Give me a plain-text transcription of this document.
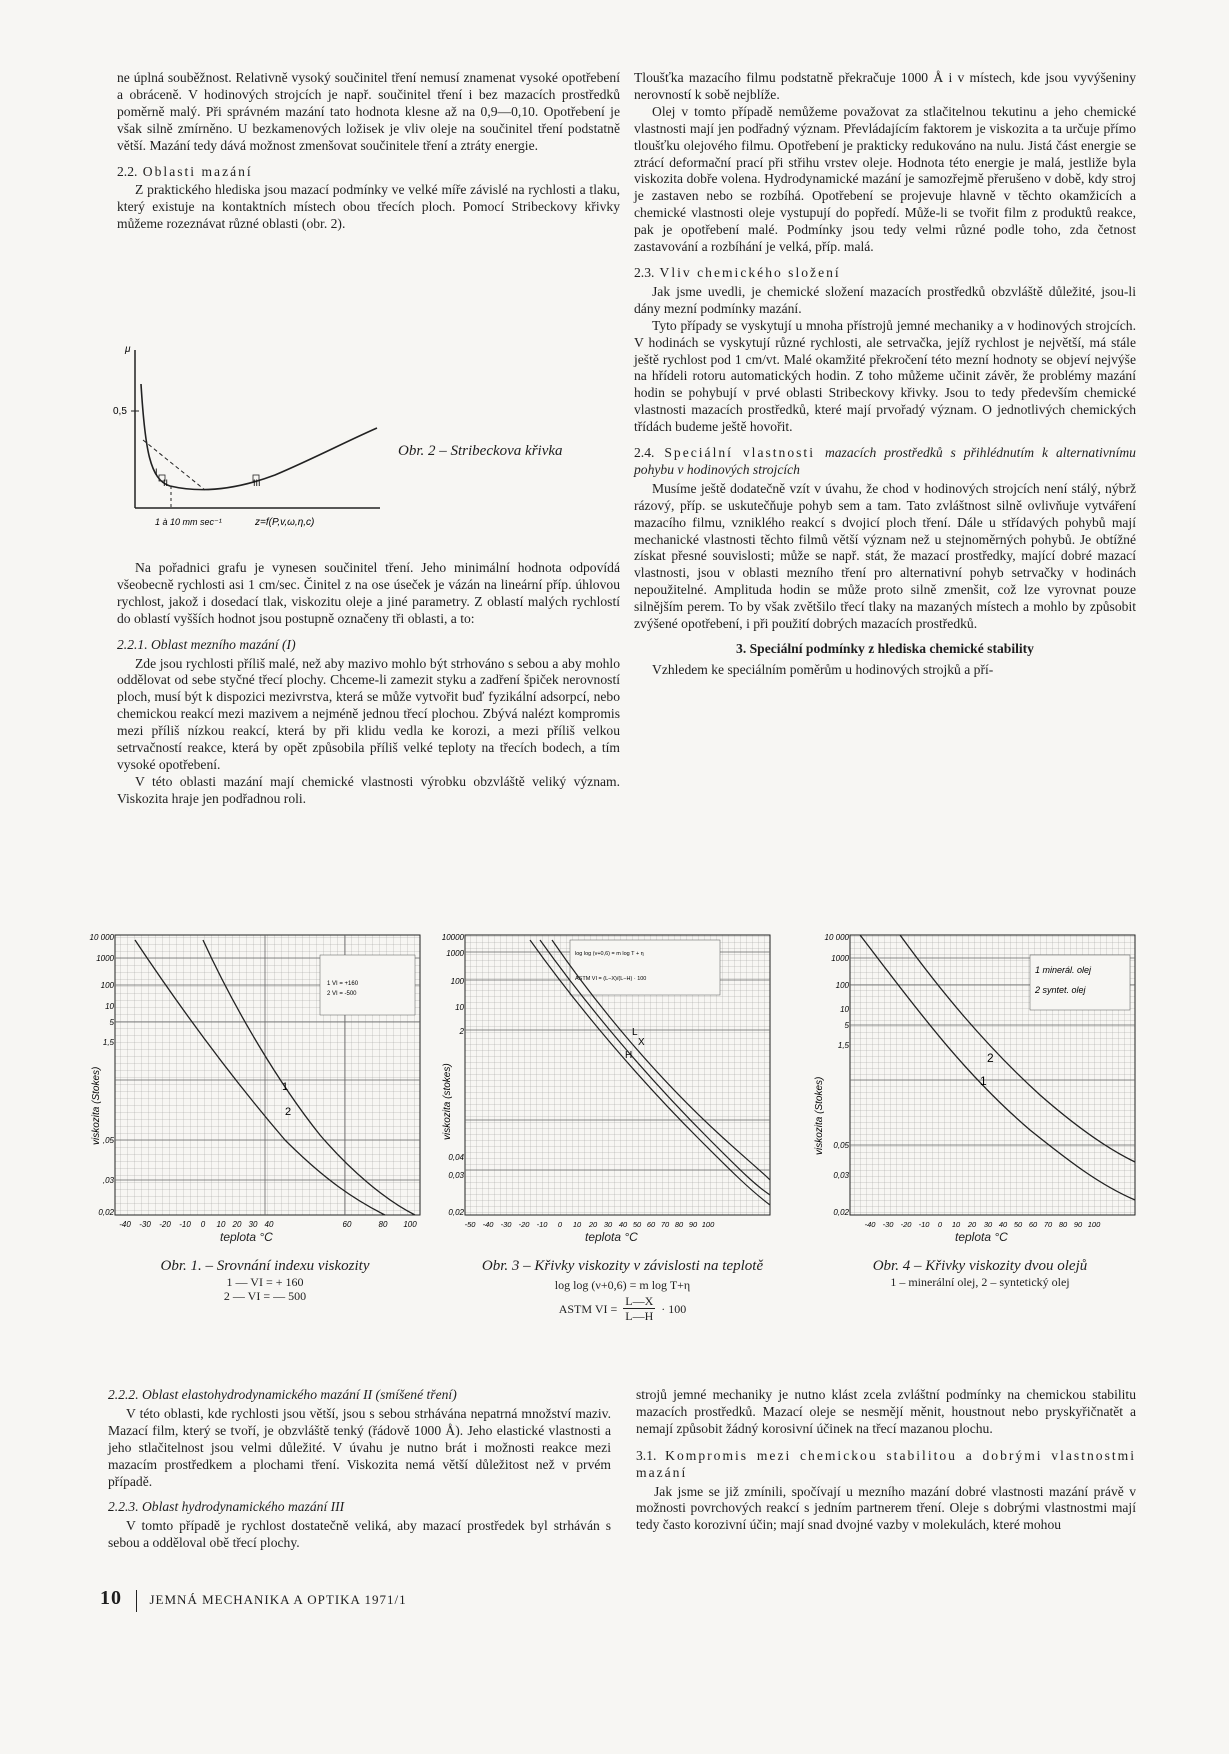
ne úplná souběžnost. Relativně vysoký součinitel tření nemusí znamenat vysoké opotřebení a obráceně. V hodinových strojcích je např. součinitel tření i bez mazacích prostředků poměrně malý. Při správném mazání tato hodnota klesne až na 0,9—0,10. Opotřebení je však silně zmírněno. U bezkamenových ložisek je vliv oleje na součinitel tření podstatně větší. Mazání tedy dává možnost zmenšovat součinitele tření a ztráty energie.

2.2. Oblasti mazání

Z praktického hlediska jsou mazací podmínky ve velké míře závislé na rychlosti a tlaku, který existuje na kontaktních místech obou třecích ploch. Pomocí Stribeckovy křivky můžeme rozeznávat různé oblasti (obr. 2).

μ
0,5
I
II	III
1 à 10 mm sec⁻¹	z=f(P,v,ω,η,c)
Obr. 2 – Stribeckova křivka

Na pořadnici grafu je vynesen součinitel tření. Jeho minimální hodnota odpovídá všeobecně rychlosti asi 1 cm/sec. Činitel z na ose úseček je vázán na lineární příp. úhlovou rychlost, jakož i dosedací tlak, viskozitu oleje a jiné parametry. Z oblastí malých rychlostí do oblastí vyšších hodnot jsou postupně označeny tři oblasti, a to:

2.2.1. Oblast mezního mazání (I)

Zde jsou rychlosti příliš malé, než aby mazivo mohlo být strhováno s sebou a aby mohlo oddělovat od sebe styčné třecí plochy. Chceme-li zamezit styku a zadření špiček nerovností ploch, musí být k dispozici mezivrstva, která se může vytvořit buď fyzikální adsorpcí, nebo chemickou reakcí mezi mazivem a nejméně jednou třecí plochou. Zbývá nalézt kompromis mezi příliš nízkou reakcí, která by při klidu vedla ke korozi, a mezi příliš velkou setrvačností reakce, která by opět způsobila příliš velké teploty na třecích bodech, a tím vysoké opotřebení.

V této oblasti mazání mají chemické vlastnosti výrobku obzvláště veliký význam. Viskozita hraje jen podřadnou roli.

Tloušťka mazacího filmu podstatně překračuje 1000 Å i v místech, kde jsou vyvýšeniny nerovností k sobě nejblíže.

Olej v tomto případě nemůžeme považovat za stlačitelnou tekutinu a jeho chemické vlastnosti mají jen podřadný význam. Převládajícím faktorem je viskozita a ta určuje přímo tloušťku olejového filmu. Opotřebení je prakticky redukováno na nulu. Jistá část energie se ztrácí deformační prací při střihu vrstev oleje. Hodnota této energie je malá, jestliže byla viskozita dobře volena. Hydrodynamické mazání je samozřejmě přerušeno v době, kdy stroj je zastaven nebo se rozbíhá. Opotřebení se projevuje hlavně v těchto okamžicích a chemické vlastnosti oleje vystupují do popředí. Může-li se tvořit film z produktů reakce, pak je opotřebení malé. Podmínky jsou tedy velmi různé podle toho, zda četnost zastavování a rozbíhání je velká, příp. malá.

2.3. Vliv chemického složení

Jak jsme uvedli, je chemické složení mazacích prostředků obzvláště důležité, jsou-li dány mezní podmínky mazání.

Tyto případy se vyskytují u mnoha přístrojů jemné mechaniky a v hodinových strojcích. V hodinách se vyskytují různé rychlosti, ale setrvačka, jejíž rychlost je největší, má stále ještě rychlost pod 1 cm/vt. Malé okamžité překročení této mezní hodnoty se objeví nejvýše na hřídeli rotoru automatických hodin. Z toho můžeme učinit závěr, že problémy mazání hodin se pohybují v prvé oblasti Stribeckovy křivky. Jsou to tedy především chemické vlastnosti mazacích prostředků, které mají prvořadý význam. O jednotlivých chemických třídách budeme ještě hovořit.

2.4. Speciální vlastnosti mazacích prostředků s přihlédnutím k alternativnímu pohybu v hodinových strojcích

Musíme ještě dodatečně vzít v úvahu, že chod v hodinových strojcích není stálý, nýbrž rázový, příp. se uskutečňuje pohyb sem a tam. Tato zvláštnost silně ovlivňuje vytváření mazacího filmu, vzniklého reakcí s dvojicí ploch tření. Dále u střídavých pohybů mají mechanické vlastnosti těchto filmů větší význam než u stejnoměrných pohybů. Je obtížné získat přesné souvislosti; může se např. stát, že mazací prostředky, mající dobré mazací vlastnosti, jsou v oblasti mezního tření pro alternativní pohyb setrvačky v hodinách nepoužitelné. Amplituda hodin se může proto silně zmenšit, což lze vyrovnat pouze silnějším perem. To by však zvětšilo třecí tlaky na mazaných místech a mohlo by způsobit zvýšené opotřebení, i při použití dobrých mazacích prostředků.

3. Speciální podmínky z hlediska chemické stability

Vzhledem ke speciálním poměrům u hodinových strojků a pří-

1 VI = +160
2 VI = -500
1
2
viskozita (Stokes)
10 000
1000
100
10
5
1,5
,05
,03
0,02
-40 -30 -20 -10 0 10 20 30 40	60	80 100
teplota °C
Obr. 1. – Srovnání indexu viskozity
1 — VI = + 160
2 — VI = — 500
log log (v+0,6) = m log T + η
ASTM VI = (L−X)/(L−H) · 100
L
X
H
viskozita (stokes)
10000
1000
100
10
2
0,04
0,03
0,02
-50 -40 -30 -20 -10 0 10 20 30 40 50 60 70 80 90 100
teplota °C
Obr. 3 – Křivky viskozity v závislosti na teplotě
log log (ν+0,6) = m log T+η
ASTM VI = $\frac{L—X}{L—H} \cdot 100$
1 minerál. olej
2 syntet. olej
1
2
viskozita (Stokes)
10 000
1000
100
10
5
1,5
0,05
0,03
0,02
-40 -30 -20 -10 0 10 20 30 40 50 60 70 80 90 100
teplota °C
Obr. 4 – Křivky viskozity dvou olejů
1 – minerální olej, 2 – syntetický olej
2.2.2. Oblast elastohydrodynamického mazání II (smíšené tření)

V této oblasti, kde rychlosti jsou větší, jsou s sebou strhávána nepatrná množství maziv. Mazací film, který se tvoří, je obzvláště tenký (řádově 1000 Å). Jeho elastické vlastnosti a jeho stlačitelnost jsou velmi důležité. V úvahu je nutno brát i možnosti reakce mezi mazacím prostředkem a plochami tření. Viskozita nemá větší důležitost než v prvém případě.

2.2.3. Oblast hydrodynamického mazání III

V tomto případě je rychlost dostatečně veliká, aby mazací prostředek byl strháván s sebou a odděloval obě třecí plochy.

strojů jemné mechaniky je nutno klást zcela zvláštní podmínky na chemickou stabilitu mazacích prostředků. Mazací oleje se nesmějí měnit, houstnout nebo pryskyřičnatět a nemají způsobit žádný korosivní účinek na třecí mazanou plochu.

3.1. Kompromis mezi chemickou stabilitou a dobrými vlastnostmi mazání

Jak jsme se již zmínili, spočívají u mezního mazání dobré vlastnosti mazání právě v možnosti povrchových reakcí s jedním partnerem tření. Oleje s dobrými vlastnostmi mají tedy často korozivní účin; mají snad dvojné vazby v molekulách, které mohou

10 JEMNÁ MECHANIKA A OPTIKA 1971/1
